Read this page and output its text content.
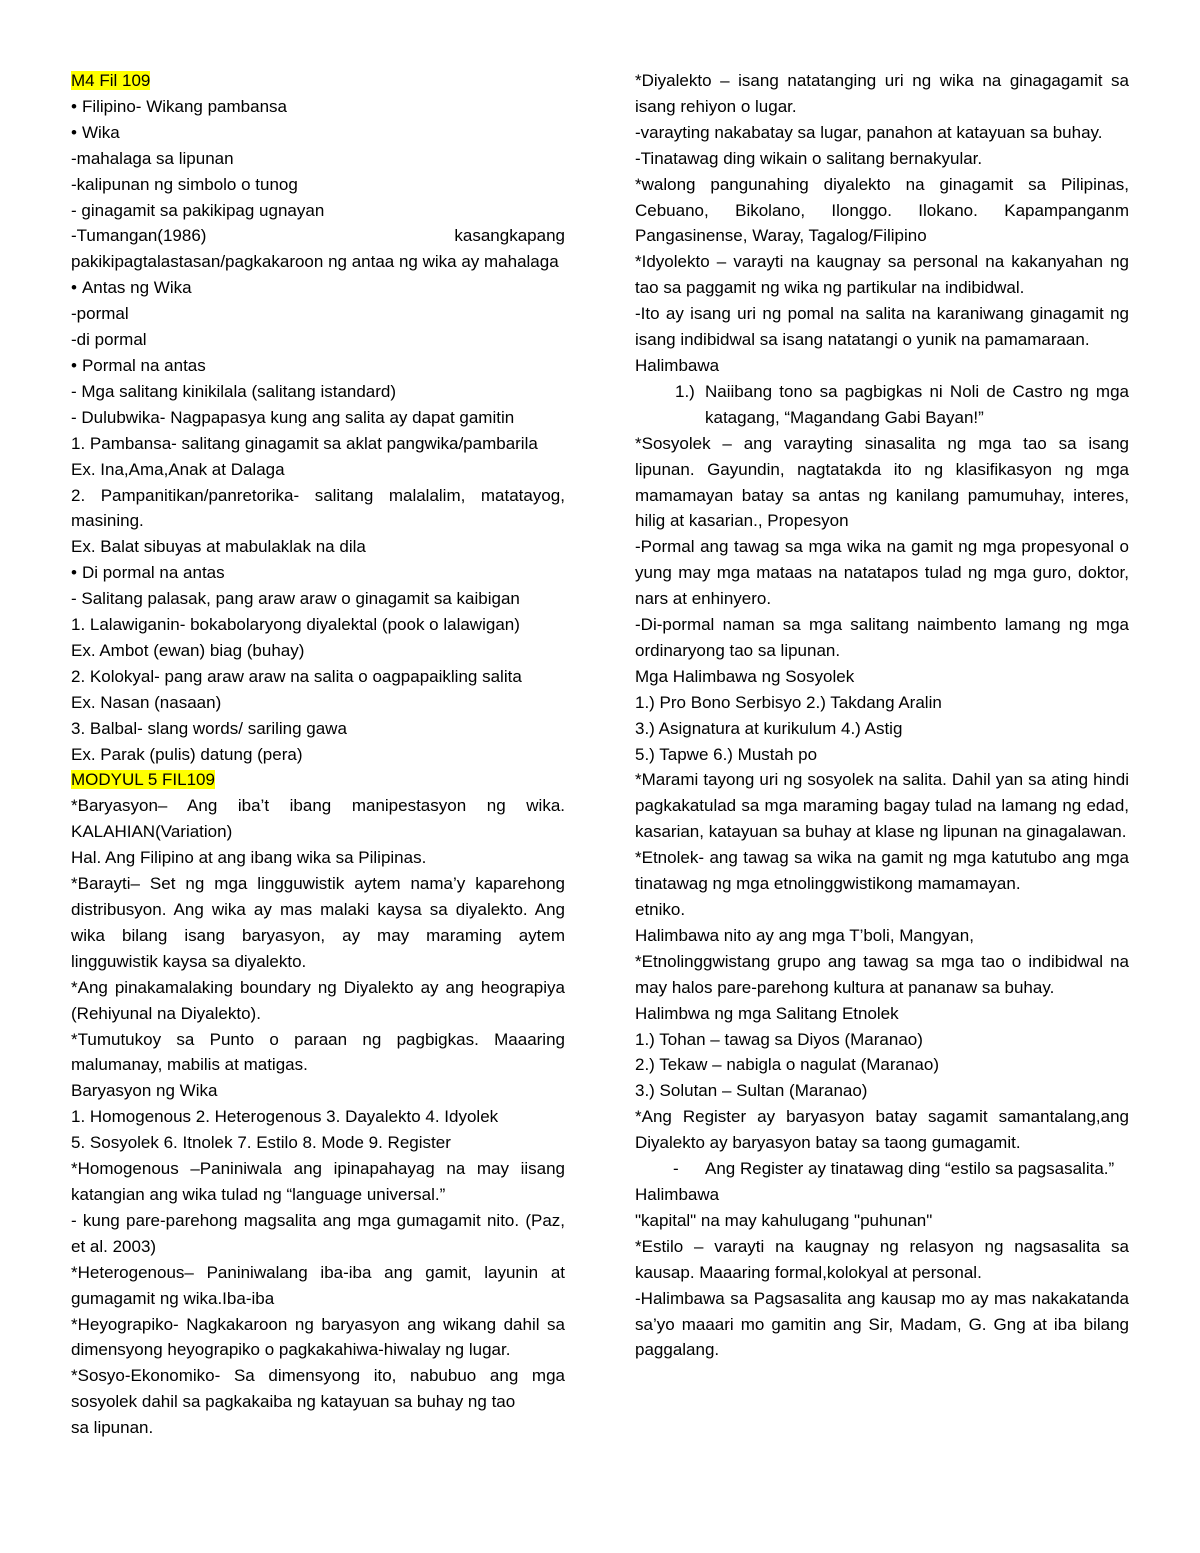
M4 Fil 109

• Filipino- Wikang pambansa

• Wika

-mahalaga sa lipunan

-kalipunan ng simbolo o tunog

- ginagamit sa pakikipag ugnayan

-Tumangan(1986) kasangkapang pakikipagtalastasan/pagkakaroon ng antaa ng wika ay mahalaga

• Antas ng Wika

-pormal

-di pormal

• Pormal na antas

- Mga salitang kinikilala (salitang istandard)

- Dulubwika- Nagpapasya kung ang salita ay dapat gamitin

1. Pambansa- salitang ginagamit sa aklat pangwika/pambarila

Ex. Ina,Ama,Anak at Dalaga

2. Pampanitikan/panretorika- salitang malalalim, matatayog, masining.

Ex. Balat sibuyas at mabulaklak na dila

• Di pormal na antas

- Salitang palasak, pang araw araw o ginagamit sa kaibigan

1. Lalawiganin- bokabolaryong diyalektal (pook o lalawigan)

Ex. Ambot (ewan) biag (buhay)

2. Kolokyal- pang araw araw na salita o oagpapaikling salita

Ex. Nasan (nasaan)

3. Balbal- slang words/ sariling gawa

Ex. Parak (pulis) datung (pera)

MODYUL 5 FIL109

*Baryasyon– Ang iba’t ibang manipestasyon ng wika. KALAHIAN(Variation)

Hal. Ang Filipino at ang ibang wika sa Pilipinas.

*Barayti– Set ng mga lingguwistik aytem nama’y kaparehong distribusyon. Ang wika ay mas malaki kaysa sa diyalekto. Ang wika bilang isang baryasyon, ay may maraming aytem lingguwistik kaysa sa diyalekto.

*Ang pinakamalaking boundary ng Diyalekto ay ang heograpiya (Rehiyunal na Diyalekto).

*Tumutukoy sa Punto o paraan ng pagbigkas. Maaaring malumanay, mabilis at matigas.

Baryasyon ng Wika

1. Homogenous 2. Heterogenous 3. Dayalekto 4. Idyolek

5. Sosyolek 6. Itnolek 7. Estilo 8. Mode 9. Register

*Homogenous –Paniniwala ang ipinapahayag na may iisang katangian ang wika tulad ng “language universal.”

- kung pare-parehong magsalita ang mga gumagamit nito. (Paz, et al. 2003)

*Heterogenous– Paniniwalang iba-iba ang gamit, layunin at gumagamit ng wika.Iba-iba

*Heyograpiko- Nagkakaroon ng baryasyon ang wikang dahil sa dimensyong heyograpiko o pagkakahiwa-hiwalay ng lugar.

*Sosyo-Ekonomiko- Sa dimensyong ito, nabubuo ang mga sosyolek dahil sa pagkakaiba ng katayuan sa buhay ng tao

sa lipunan.

*Diyalekto – isang natatanging uri ng wika na ginagagamit sa isang rehiyon o lugar.

-varayting nakabatay sa lugar, panahon at katayuan sa buhay.

-Tinatawag ding wikain o salitang bernakyular.

*walong pangunahing diyalekto na ginagamit sa Pilipinas, Cebuano, Bikolano, Ilonggo. Ilokano. Kapampanganm Pangasinense, Waray, Tagalog/Filipino

*Idyolekto – varayti na kaugnay sa personal na kakanyahan ng tao sa paggamit ng wika ng partikular na indibidwal.

-Ito ay isang uri ng pomal na salita na karaniwang ginagamit ng isang indibidwal sa isang natatangi o yunik na pamamaraan.

Halimbawa

1.) Naiibang tono sa pagbigkas ni Noli de Castro ng mga katagang, “Magandang Gabi Bayan!”

*Sosyolek – ang varayting sinasalita ng mga tao sa isang lipunan. Gayundin, nagtatakda ito ng klasifikasyon ng mga mamamayan batay sa antas ng kanilang pamumuhay, interes, hilig at kasarian., Propesyon

-Pormal ang tawag sa mga wika na gamit ng mga propesyonal o yung may mga mataas na natatapos tulad ng mga guro, doktor, nars at enhinyero.

-Di-pormal naman sa mga salitang naimbento lamang ng mga ordinaryong tao sa lipunan.

Mga Halimbawa ng Sosyolek

1.) Pro Bono Serbisyo 2.) Takdang Aralin

3.) Asignatura at kurikulum 4.) Astig

5.) Tapwe 6.) Mustah po

*Marami tayong uri ng sosyolek na salita. Dahil yan sa ating hindi pagkakatulad sa mga maraming bagay tulad na lamang ng edad, kasarian, katayuan sa buhay at klase ng lipunan na ginagalawan.

*Etnolek- ang tawag sa wika na gamit ng mga katutubo ang mga tinatawag ng mga etnolinggwistikong mamamayan.

etniko.

Halimbawa nito ay ang mga T’boli, Mangyan,

*Etnolinggwistang grupo ang tawag sa mga tao o indibidwal na may halos pare-parehong kultura at pananaw sa buhay.

Halimbwa ng mga Salitang Etnolek

1.) Tohan – tawag sa Diyos (Maranao)

2.) Tekaw – nabigla o nagulat (Maranao)

3.) Solutan – Sultan (Maranao)

*Ang Register ay baryasyon batay sagamit samantalang,ang Diyalekto ay baryasyon batay sa taong gumagamit.

- Ang Register ay tinatawag ding “estilo sa pagsasalita.”

Halimbawa

"kapital" na may kahulugang "puhunan"

*Estilo – varayti na kaugnay ng relasyon ng nagsasalita sa kausap. Maaaring formal,kolokyal at personal.

-Halimbawa sa Pagsasalita ang kausap mo ay mas nakakatanda sa’yo maaari mo gamitin ang Sir, Madam, G. Gng at iba bilang paggalang.
